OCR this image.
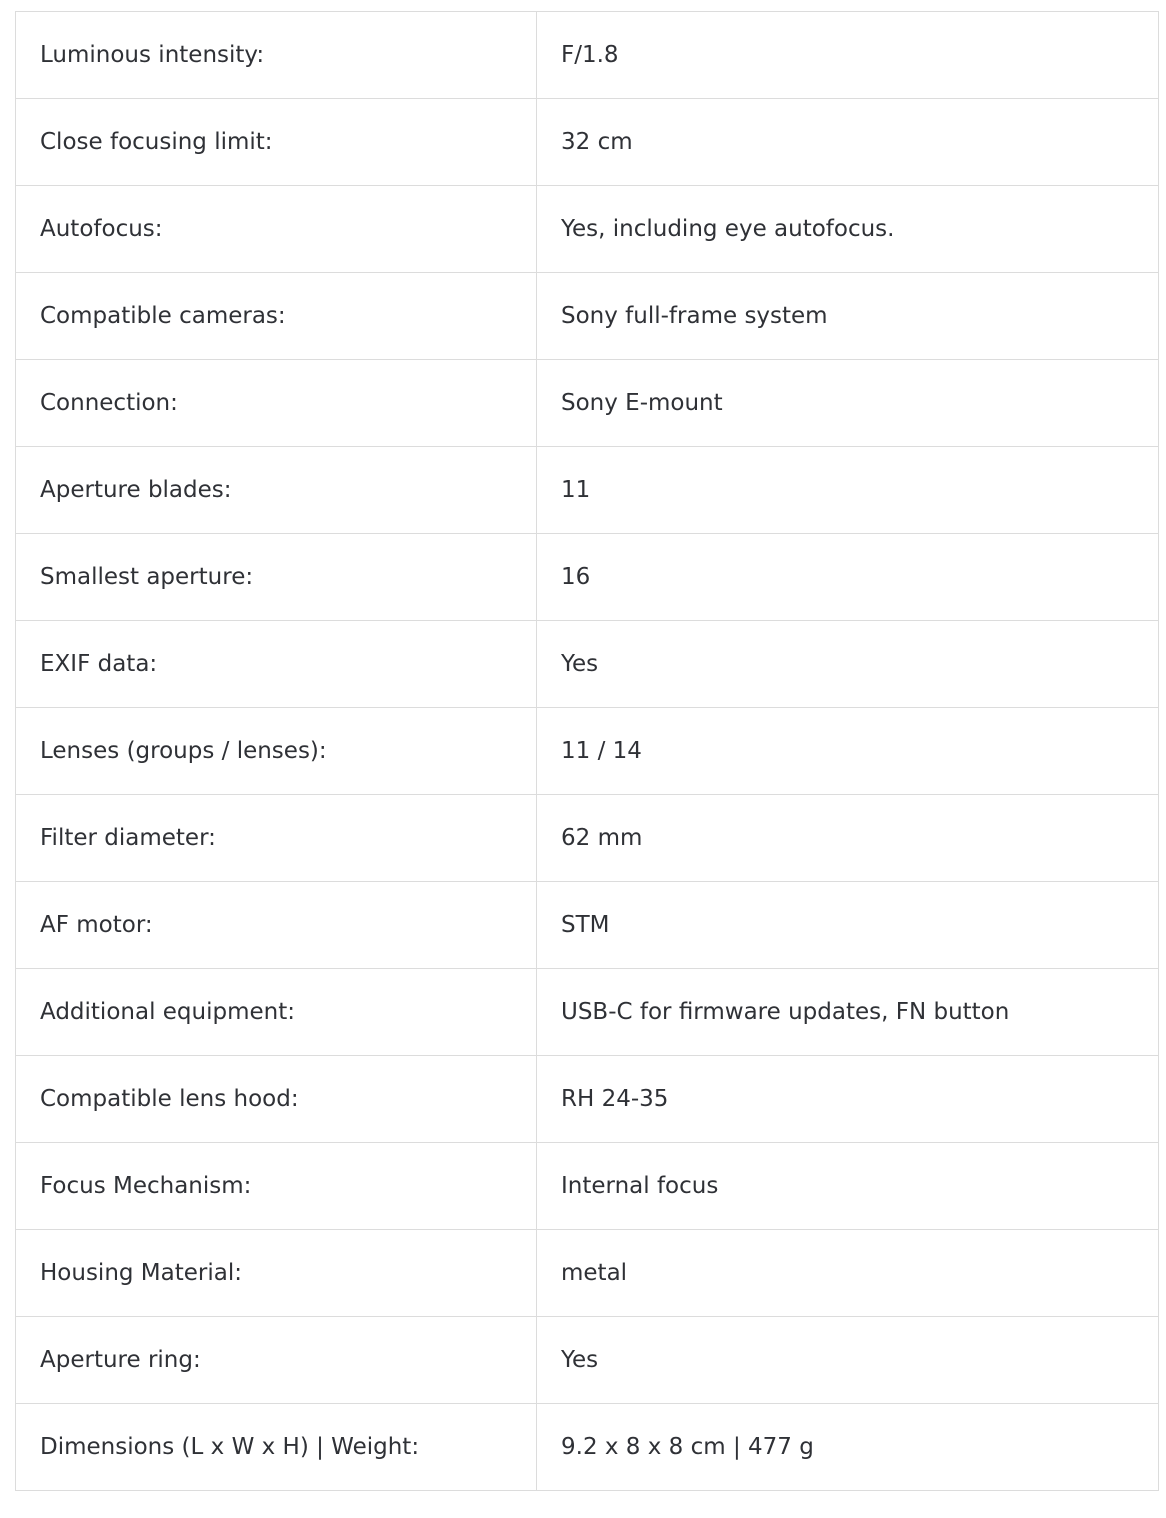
Luminous intensity:	F/1.8
Close focusing limit:	32 cm
Autofocus:	Yes, including eye autofocus.
Compatible cameras:	Sony full-frame system
Connection:	Sony E-mount
Aperture blades:	11
Smallest aperture:	16
EXIF data:	Yes
Lenses (groups / lenses):	11 / 14
Filter diameter:	62 mm
AF motor:	STM
Additional equipment:	USB-C for firmware updates, FN button
Compatible lens hood:	RH 24-35
Focus Mechanism:	Internal focus
Housing Material:	metal
Aperture ring:	Yes
Dimensions (L x W x H) | Weight:	9.2 x 8 x 8 cm | 477 g
